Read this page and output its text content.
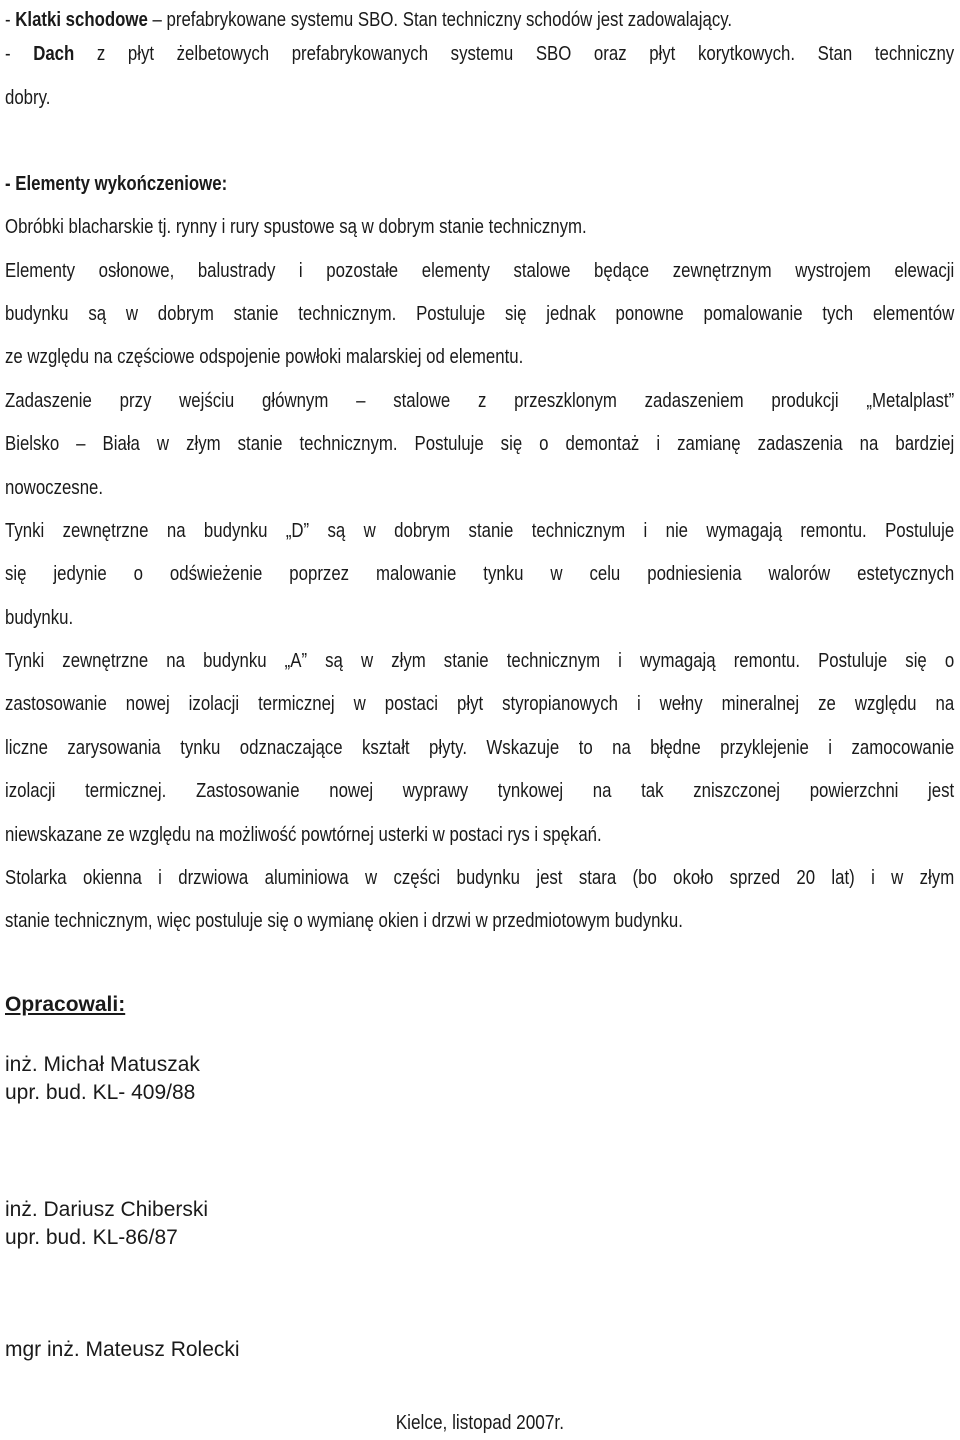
- Klatki schodowe – prefabrykowane systemu SBO. Stan techniczny schodów jest zadowalający.
- Dach z płyt żelbetowych prefabrykowanych systemu SBO oraz płyt korytkowych. Stan techniczny
dobry.
- Elementy wykończeniowe:
Obróbki blacharskie tj. rynny i rury spustowe są w dobrym stanie technicznym.
Elementy osłonowe, balustrady i pozostałe elementy stalowe będące zewnętrznym wystrojem elewacji
budynku są w dobrym stanie technicznym. Postuluje się jednak ponowne pomalowanie tych elementów
ze względu na częściowe odspojenie powłoki malarskiej od elementu.
Zadaszenie przy wejściu głównym – stalowe z przeszklonym zadaszeniem produkcji „Metalplast”
Bielsko – Biała w złym stanie technicznym. Postuluje się o demontaż i zamianę zadaszenia na bardziej
nowoczesne.
Tynki zewnętrzne na budynku „D” są w dobrym stanie technicznym i nie wymagają remontu. Postuluje
się jedynie o odświeżenie poprzez malowanie tynku w celu podniesienia walorów estetycznych
budynku.
Tynki zewnętrzne na budynku „A” są w złym stanie technicznym i wymagają remontu. Postuluje się o
zastosowanie nowej izolacji termicznej w postaci płyt styropianowych i wełny mineralnej ze względu na
liczne zarysowania tynku odznaczające kształt płyty. Wskazuje to na błędne przyklejenie i zamocowanie
izolacji termicznej. Zastosowanie nowej wyprawy tynkowej na tak zniszczonej powierzchni jest
niewskazane ze względu na możliwość powtórnej usterki w postaci rys i spękań.
Stolarka okienna i drzwiowa aluminiowa w części budynku jest stara (bo około sprzed 20 lat) i w złym
stanie technicznym, więc postuluje się o wymianę okien i drzwi w przedmiotowym budynku.
Opracowali:
inż. Michał Matuszak
upr. bud. KL- 409/88
inż. Dariusz Chiberski
upr. bud. KL-86/87
mgr inż. Mateusz Rolecki
Kielce, listopad 2007r.
